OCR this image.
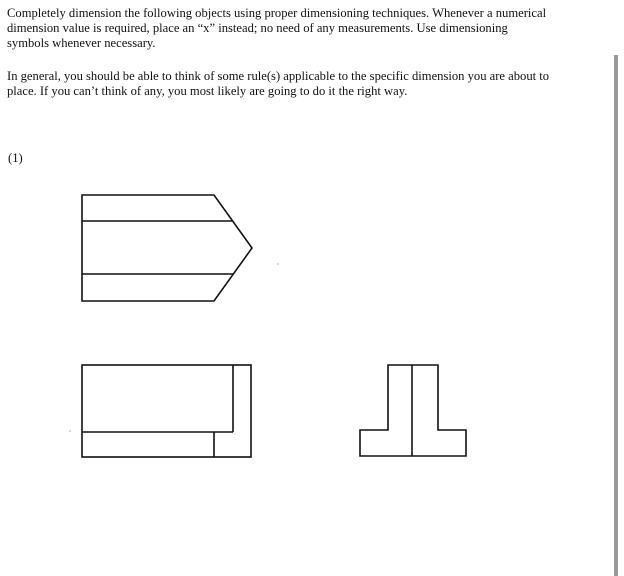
Completely dimension the following objects using proper dimensioning techniques. Whenever a numerical dimension value is required, place an “x” instead; no need of any measurements. Use dimensioning symbols whenever necessary.

In general, you should be able to think of some rule(s) applicable to the specific dimension you are about to place. If you can’t think of any, you most likely are going to do it the right way.

(1)
